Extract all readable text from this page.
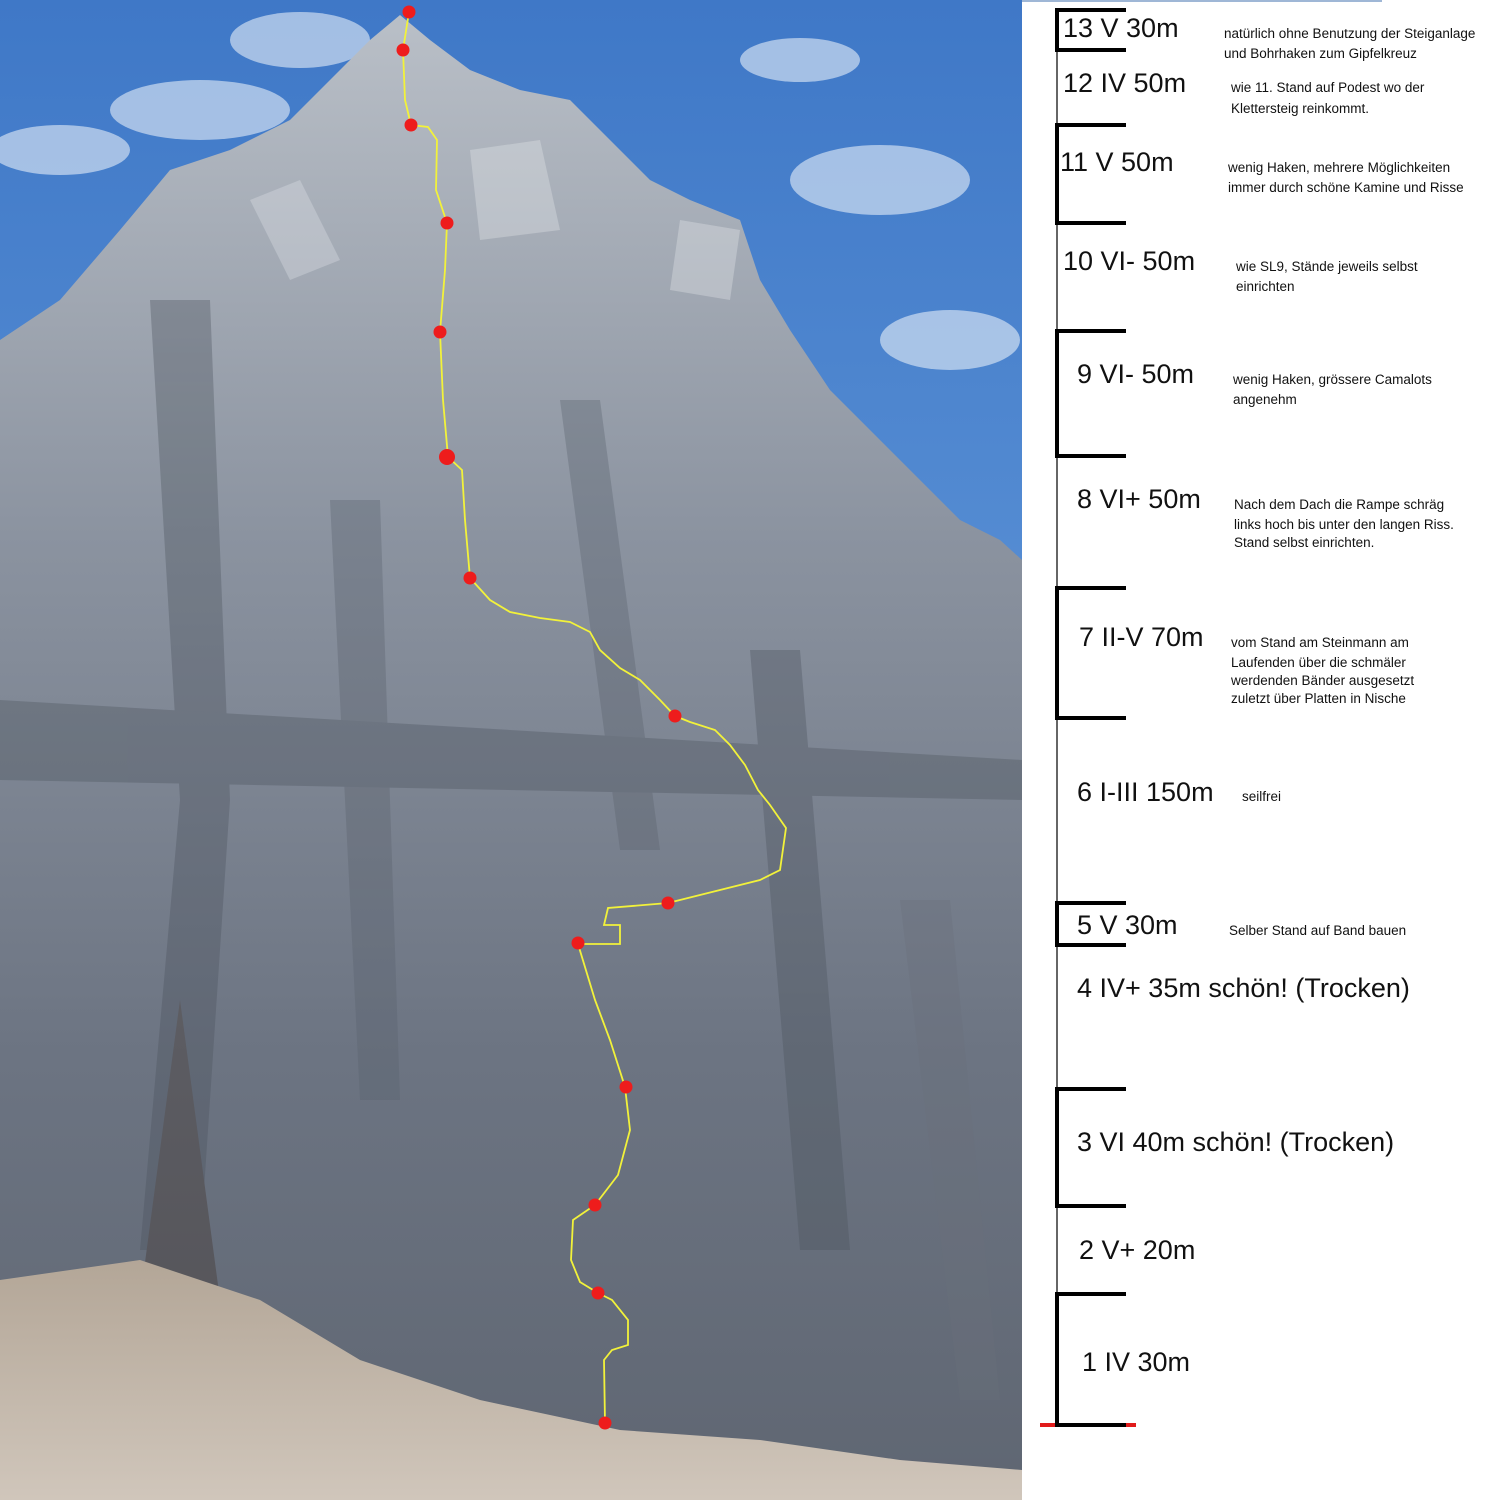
13 V 30m	natürlich ohne Benutzung der Steiganlage
und Bohrhaken zum Gipfelkreuz
12 IV 50m	wie 11. Stand auf Podest wo der
Klettersteig reinkommt.
11 V 50m	wenig Haken, mehrere Möglichkeiten
immer durch schöne Kamine und Risse
10 VI- 50m	wie SL9, Stände jeweils selbst
einrichten
9 VI- 50m	wenig Haken, grössere Camalots
angenehm
8 VI+ 50m Nach dem Dach die Rampe schräg
links hoch bis unter den langen Riss.
Stand selbst einrichten.
7 II-V 70m vom Stand am Steinmann am
Laufenden über die schmäler
werdenden Bänder ausgesetzt
zuletzt über Platten in Nische
6 I-III 150m seilfrei
5 V 30m	Selber Stand auf Band bauen
4 IV+ 35m schön! (Trocken)
3 VI 40m schön! (Trocken)
2 V+ 20m
1 IV 30m
